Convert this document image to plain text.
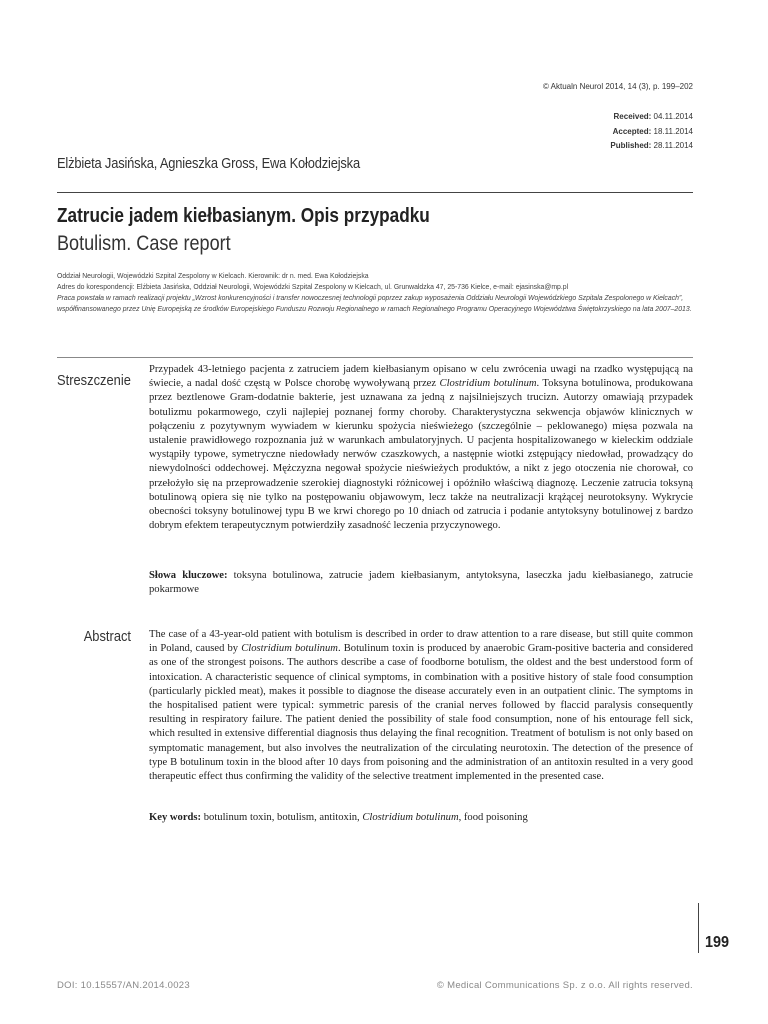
© Aktualn Neurol 2014, 14 (3), p. 199–202
Received: 04.11.2014
Accepted: 18.11.2014
Published: 28.11.2014
Elżbieta Jasińska, Agnieszka Gross, Ewa Kołodziejska
Zatrucie jadem kiełbasianym. Opis przypadku
Botulism. Case report
Oddział Neurologii, Wojewódzki Szpital Zespolony w Kielcach. Kierownik: dr n. med. Ewa Kołodziejska
Adres do korespondencji: Elżbieta Jasińska, Oddział Neurologii, Wojewódzki Szpital Zespolony w Kielcach, ul. Grunwaldzka 47, 25-736 Kielce, e-mail: ejasinska@mp.pl
Praca powstała w ramach realizacji projektu „Wzrost konkurencyjności i transfer nowoczesnej technologii poprzez zakup wyposażenia Oddziału Neurologii Wojewódzkiego Szpitala Zespolonego w Kielcach”,
współfinansowanego przez Unię Europejską ze środków Europejskiego Funduszu Rozwoju Regionalnego w ramach Regionalnego Programu Operacyjnego Województwa Świętokrzyskiego na lata 2007–2013.
Streszczenie
Przypadek 43-letniego pacjenta z zatruciem jadem kiełbasianym opisano w celu zwrócenia uwagi na rzadko występującą na świecie, a nadal dość częstą w Polsce chorobę wywoływaną przez Clostridium botulinum. Toksyna botulinowa, produkowana przez beztlenowe Gram-dodatnie bakterie, jest uznawana za jedną z najsilniejszych trucizn. Autorzy omawiają przypadek botulizmu pokarmowego, czyli najlepiej poznanej formy choroby. Charakterystyczna sekwencja objawów klinicznych w połączeniu z pozytywnym wywiadem w kierunku spożycia nieświeżego (szczególnie – peklowanego) mięsa pozwala na ustalenie prawidłowego rozpoznania już w warunkach ambulatoryjnych. U pacjenta hospitalizowanego w kieleckim oddziale wystąpiły typowe, symetryczne niedowłady nerwów czaszkowych, a następnie wiotki zstępujący niedowład, prowadzący do niewydolności oddechowej. Mężczyzna negował spożycie nieświeżych produktów, a nikt z jego otoczenia nie chorował, co przełożyło się na przeprowadzenie szerokiej diagnostyki różnicowej i opóźniło właściwą diagnozę. Leczenie zatrucia toksyną botulinową opiera się nie tylko na postępowaniu objawowym, lecz także na neutralizacji krążącej neurotoksyny. Wykrycie obecności toksyny botulinowej typu B we krwi chorego po 10 dniach od zatrucia i podanie antytoksyny botulinowej z bardzo dobrym efektem terapeutycznym potwierdziły zasadność leczenia przyczynowego.
Słowa kluczowe: toksyna botulinowa, zatrucie jadem kiełbasianym, antytoksyna, laseczka jadu kiełbasianego, zatrucie pokarmowe
Abstract The case of a 43-year-old patient with botulism is described in order to draw attention to a rare disease, but still quite common in Poland, caused by Clostridium botulinum. Botulinum toxin is produced by anaerobic Gram-positive bacteria and considered as one of the strongest poisons. The authors describe a case of foodborne botulism, the oldest and the best understood form of intoxication. A characteristic sequence of clinical symptoms, in combination with a positive history of stale food consumption (particularly pickled meat), makes it possible to diagnose the disease accurately even in an outpatient clinic. The symptoms in the hospitalised patient were typical: symmetric paresis of the cranial nerves followed by flaccid paralysis consequently resulting in respiratory failure. The patient denied the possibility of stale food consumption, none of his entourage fell sick, which resulted in extensive differential diagnosis thus delaying the final recognition. Treatment of botulism is not only based on symptomatic management, but also involves the neutralization of the circulating neurotoxin. The detection of the presence of type B botulinum toxin in the blood after 10 days from poisoning and the administration of an antitoxin resulted in a very good therapeutic effect thus confirming the validity of the selective treatment implemented in the presented case.
Key words: botulinum toxin, botulism, antitoxin, Clostridium botulinum, food poisoning
199
DOI: 10.15557/AN.2014.0023	© Medical Communications Sp. z o.o. All rights reserved.
